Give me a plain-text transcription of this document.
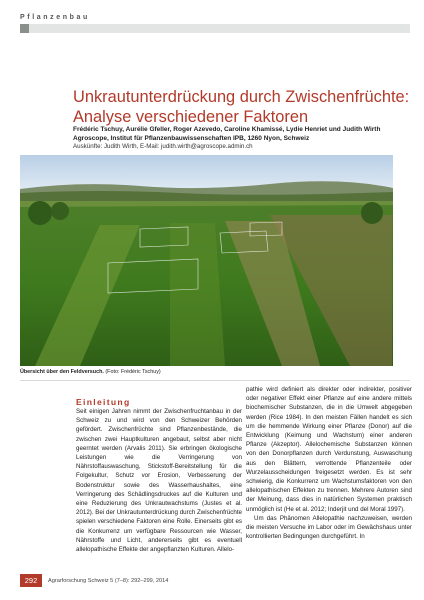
Pflanzenbau
Unkrautunterdrückung durch Zwischenfrüchte: Analyse verschiedener Faktoren
Frédéric Tschuy, Aurélie Gfeller, Roger Azevedo, Caroline Khamissé, Lydie Henriet und Judith Wirth
Agroscope, Institut für Pflanzenbauwissenschaften IPB, 1260 Nyon, Schweiz
Auskünfte: Judith Wirth, E-Mail: judith.wirth@agroscope.admin.ch
Übersicht über den Feldversuch. (Foto: Frédéric Tschuy)
Einleitung

Seit einigen Jahren nimmt der Zwischenfruchtanbau in der Schweiz zu und wird von den Schweizer Behörden gefördert. Zwischenfrüchte sind Pflanzenbestände, die zwischen zwei Hauptkulturen angebaut, selbst aber nicht geerntet werden (Arvalis 2011). Sie erbringen ökologische Leistungen wie die Verringerung von Nährstoffauswaschung, Stickstoff-Bereitstellung für die Folgekultur, Schutz vor Erosion, Verbesserung der Bodenstruktur sowie des Wasserhaushaltes, eine Verringerung des Schädlingsdruckes auf die Kulturen und eine Reduzierung des Unkrautwachstums (Justes et al. 2012). Bei der Unkrautunterdrückung durch Zwischenfrüchte spielen verschiedene Faktoren eine Rolle. Einerseits gibt es die Konkurrenz um verfügbare Ressourcen wie Wasser, Nährstoffe und Licht, andererseits gibt es eventuell allelopathische Effekte der angepflanzten Kulturen. Allelo-

pathie wird definiert als direkter oder indirekter, positiver oder negativer Effekt einer Pflanze auf eine andere mittels biochemischer Substanzen, die in die Umwelt abgegeben werden (Rice 1984). In den meisten Fällen handelt es sich um die hemmende Wirkung einer Pflanze (Donor) auf die Entwicklung (Keimung und Wachstum) einer anderen Pflanze (Akzeptor). Allelochemische Substanzen können von den Donorpflanzen durch Verdunstung, Auswaschung aus den Blättern, verrottende Pflanzenteile oder Wurzelausscheidungen freigesetzt werden. Es ist sehr schwierig, die Konkurrenz um Wachstumsfaktoren von den allelopathischen Effekten zu trennen. Mehrere Autoren sind der Meinung, dass dies in natürlichen Systemen praktisch unmöglich ist (He et al. 2012; Inderjit und del Moral 1997).

Um das Phänomen Allelopathie nachzuweisen, werden die meisten Versuche im Labor oder im Gewächshaus unter kontrollierten Bedingungen durchgeführt. In

292	Agrarforschung Schweiz 5 (7–8): 292–299, 2014
